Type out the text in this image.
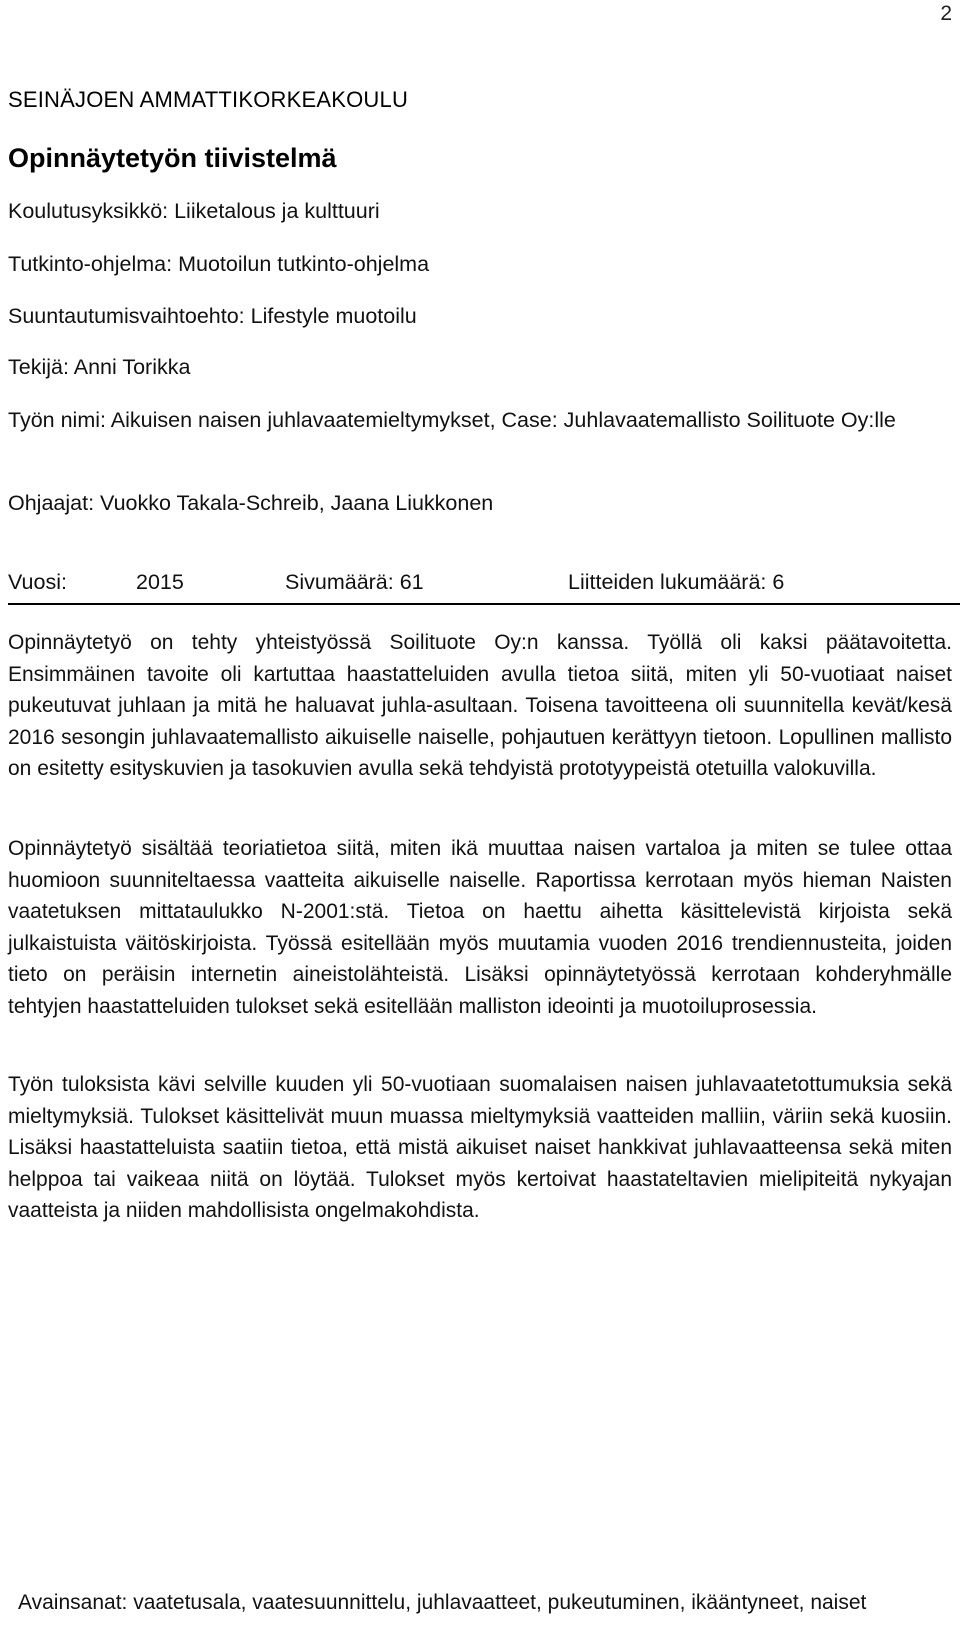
2
SEINÄJOEN AMMATTIKORKEAKOULU
Opinnäytetyön tiivistelmä
Koulutusyksikkö: Liiketalous ja kulttuuri
Tutkinto-ohjelma: Muotoilun tutkinto-ohjelma
Suuntautumisvaihtoehto: Lifestyle muotoilu
Tekijä: Anni Torikka
Työn nimi: Aikuisen naisen juhlavaatemieltymykset, Case: Juhlavaatemallisto Soilituote Oy:lle
Ohjaajat: Vuokko Takala-Schreib, Jaana Liukkonen
Vuosi:	2015	Sivumäärä: 61	Liitteiden lukumäärä: 6

Opinnäytetyö on tehty yhteistyössä Soilituote Oy:n kanssa. Työllä oli kaksi päätavoitetta. Ensimmäinen tavoite oli kartuttaa haastatteluiden avulla tietoa siitä, miten yli 50-vuotiaat naiset pukeutuvat juhlaan ja mitä he haluavat juhla-asultaan. Toisena tavoitteena oli suunnitella kevät/kesä 2016 sesongin juhlavaatemallisto aikuiselle naiselle, pohjautuen kerättyyn tietoon. Lopullinen mallisto on esitetty esityskuvien ja tasokuvien avulla sekä tehdyistä prototyypeistä otetuilla valokuvilla.

Opinnäytetyö sisältää teoriatietoa siitä, miten ikä muuttaa naisen vartaloa ja miten se tulee ottaa huomioon suunniteltaessa vaatteita aikuiselle naiselle. Raportissa kerrotaan myös hieman Naisten vaatetuksen mittataulukko N-2001:stä. Tietoa on haettu aihetta käsittelevistä kirjoista sekä julkaistuista väitöskirjoista. Työssä esitellään myös muutamia vuoden 2016 trendiennusteita, joiden tieto on peräisin internetin aineistolähteistä. Lisäksi opinnäytetyössä kerrotaan kohderyhmälle tehtyjen haastatteluiden tulokset sekä esitellään malliston ideointi ja muotoiluprosessia.

Työn tuloksista kävi selville kuuden yli 50-vuotiaan suomalaisen naisen juhlavaatetottumuksia sekä mieltymyksiä. Tulokset käsittelivät muun muassa mieltymyksiä vaatteiden malliin, väriin sekä kuosiin. Lisäksi haastatteluista saatiin tietoa, että mistä aikuiset naiset hankkivat juhlavaatteensa sekä miten helppoa tai vaikeaa niitä on löytää. Tulokset myös kertoivat haastateltavien mielipiteitä nykyajan vaatteista ja niiden mahdollisista ongelmakohdista.

Avainsanat: vaatetusala, vaatesuunnittelu, juhlavaatteet, pukeutuminen, ikääntyneet, naiset
